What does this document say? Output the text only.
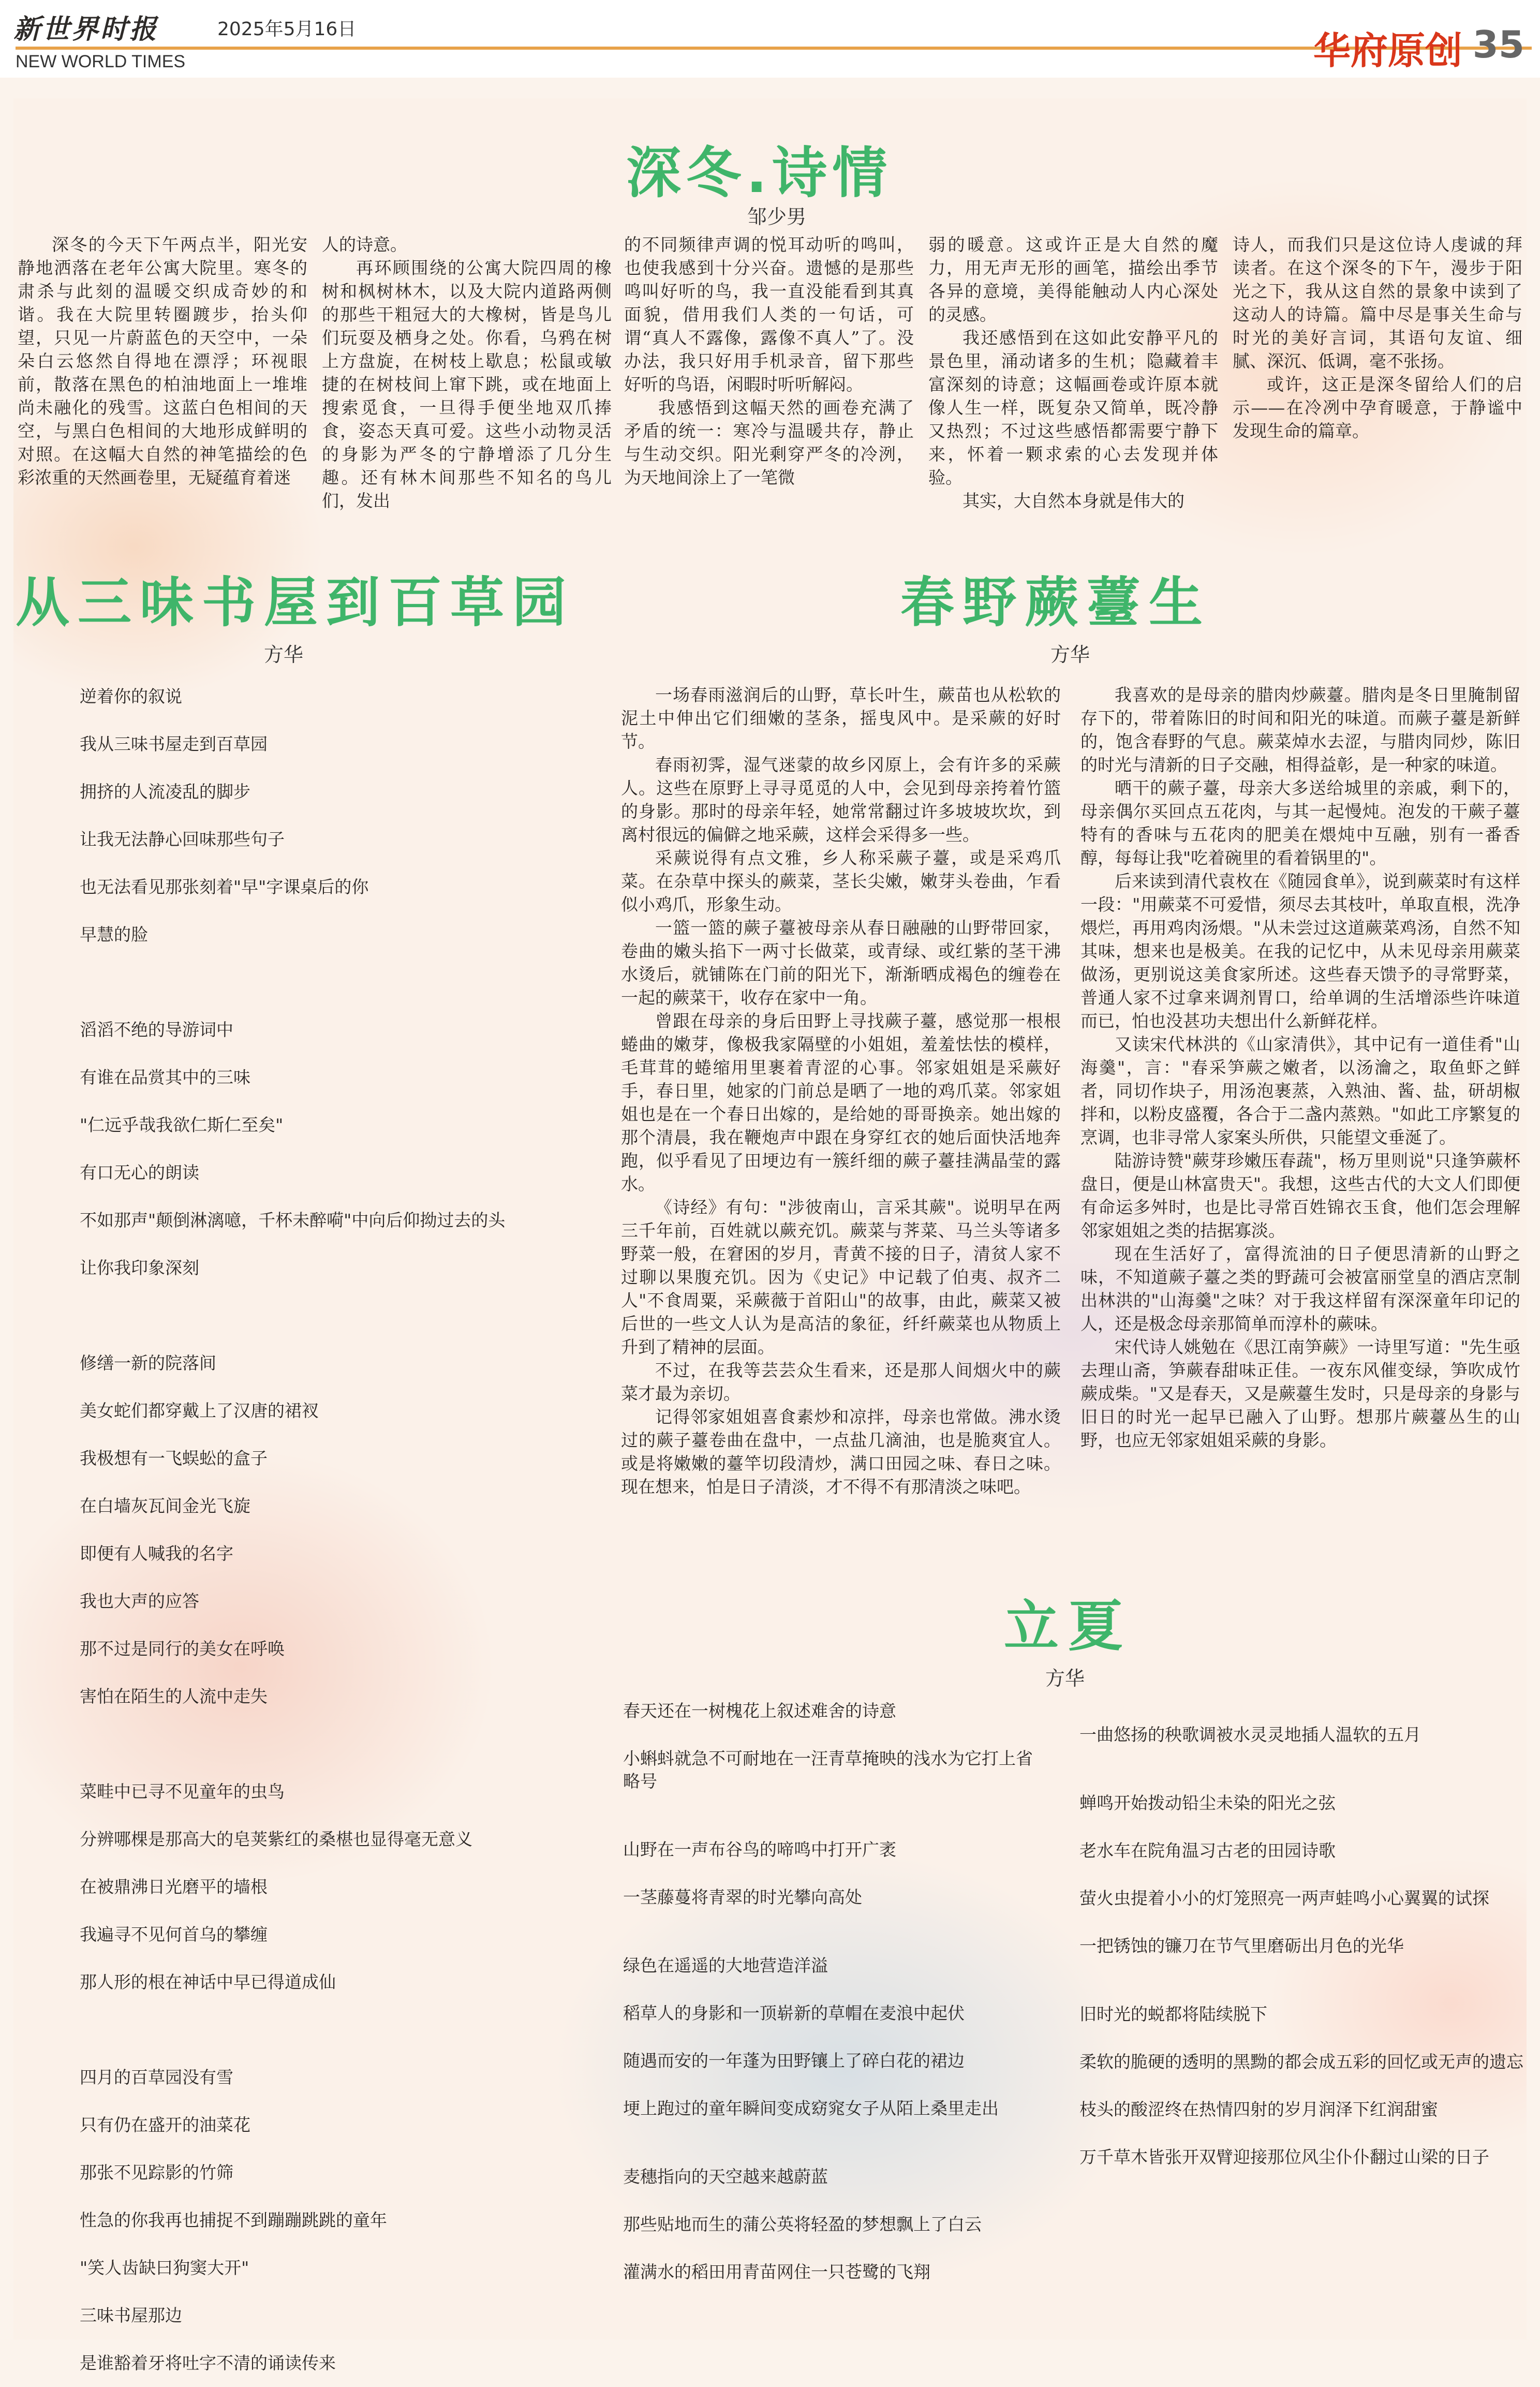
新世界时报	2025年5月16日
NEW WORLD TIMES	华府原创 35
深冬.诗情
邹少男

深冬的今天下午两点半，阳光安静地洒落在老年公寓大院里。寒冬的肃杀与此刻的温暖交织成奇妙的和谐。我在大院里转圈踱步，抬头仰望，只见一片蔚蓝色的天空中，一朵朵白云悠然自得地在漂浮；环视眼前，散落在黑色的柏油地面上一堆堆尚未融化的残雪。这蓝白色相间的天空，与黑白色相间的大地形成鲜明的对照。在这幅大自然的神笔描绘的色彩浓重的天然画卷里，无疑蕴育着迷

人的诗意。

再环顾围绕的公寓大院四周的橡树和枫树林木，以及大院内道路两侧的那些干粗冠大的大橡树，皆是鸟儿们玩耍及栖身之处。你看，乌鸦在树上方盘旋，在树枝上歇息；松鼠或敏捷的在树枝间上窜下跳，或在地面上搜索觅食，一旦得手便坐地双爪捧食，姿态天真可爱。这些小动物灵活的身影为严冬的宁静增添了几分生趣。还有林木间那些不知名的鸟儿们，发出

的不同频律声调的悦耳动听的鸣叫，也使我感到十分兴奋。遗憾的是那些鸣叫好听的鸟，我一直没能看到其真面貌，借用我们人类的一句话，可谓“真人不露像，露像不真人”了。没办法，我只好用手机录音，留下那些好听的鸟语，闲暇时听听解闷。

我感悟到这幅天然的画卷充满了矛盾的统一：寒冷与温暖共存，静止与生动交织。阳光剩穿严冬的冷洌，为天地间涂上了一笔微

弱的暖意。这或许正是大自然的魔力，用无声无形的画笔，描绘出季节各异的意境，美得能触动人内心深处的灵感。

我还感悟到在这如此安静平凡的景色里，涌动诸多的生机；隐藏着丰富深刻的诗意；这幅画卷或许原本就像人生一样，既复杂又简单，既冷静又热烈；不过这些感悟都需要宁静下来，怀着一颗求索的心去发现并体验。

其实，大自然本身就是伟大的

诗人，而我们只是这位诗人虔诚的拜读者。在这个深冬的下午，漫步于阳光之下，我从这自然的景象中读到了这动人的诗篇。篇中尽是事关生命与时光的美好言词，其语句友谊、细腻、深沉、低调，毫不张扬。

或许，这正是深冬留给人们的启示——在冷冽中孕育暖意，于静谧中发现生命的篇章。

从三味书屋到百草园
方华
逆着你的叙说
我从三味书屋走到百草园
拥挤的人流凌乱的脚步
让我无法静心回味那些句子
也无法看见那张刻着"早"字课桌后的你
早慧的脸
滔滔不绝的导游词中
有谁在品赏其中的三味
"仁远乎哉我欲仁斯仁至矣"
有口无心的朗读
不如那声"颠倒淋漓噫，千杯未醉嗬"中向后仰拗过去的头
让你我印象深刻
修缮一新的院落间
美女蛇们都穿戴上了汉唐的裙衩
我极想有一飞蜈蚣的盒子
在白墙灰瓦间金光飞旋
即便有人喊我的名字
我也大声的应答
那不过是同行的美女在呼唤
害怕在陌生的人流中走失
菜畦中已寻不见童年的虫鸟
分辨哪棵是那高大的皂荚紫红的桑椹也显得毫无意义
在被鼎沸日光磨平的墙根
我遍寻不见何首乌的攀缠
那人形的根在神话中早已得道成仙
四月的百草园没有雪
只有仍在盛开的油菜花
那张不见踪影的竹筛
性急的你我再也捕捉不到蹦蹦跳跳的童年
"笑人齿缺曰狗窦大开"
三味书屋那边
是谁豁着牙将吐字不清的诵读传来
春野蕨薹生
方华

一场春雨滋润后的山野，草长叶生，蕨苗也从松软的泥土中伸出它们细嫩的茎条，摇曳风中。是采蕨的好时节。

春雨初霁，湿气迷蒙的故乡冈原上，会有许多的采蕨人。这些在原野上寻寻觅觅的人中，会见到母亲挎着竹篮的身影。那时的母亲年轻，她常常翻过许多坡坡坎坎，到离村很远的偏僻之地采蕨，这样会采得多一些。

采蕨说得有点文雅，乡人称采蕨子薹，或是采鸡爪菜。在杂草中探头的蕨菜，茎长尖嫩，嫩芽头卷曲，乍看似小鸡爪，形象生动。

一篮一篮的蕨子薹被母亲从春日融融的山野带回家，卷曲的嫩头掐下一两寸长做菜，或青绿、或红紫的茎干沸水烫后，就铺陈在门前的阳光下，渐渐晒成褐色的缠卷在一起的蕨菜干，收存在家中一角。

曾跟在母亲的身后田野上寻找蕨子薹，感觉那一根根蜷曲的嫩芽，像极我家隔壁的小姐姐，羞羞怯怯的模样，毛茸茸的蜷缩用里裹着青涩的心事。邻家姐姐是采蕨好手，春日里，她家的门前总是晒了一地的鸡爪菜。邻家姐姐也是在一个春日出嫁的，是给她的哥哥换亲。她出嫁的那个清晨，我在鞭炮声中跟在身穿红衣的她后面快活地奔跑，似乎看见了田埂边有一簇纤细的蕨子薹挂满晶莹的露水。

《诗经》有句："涉彼南山，言采其蕨"。说明早在两三千年前，百姓就以蕨充饥。蕨菜与荠菜、马兰头等诸多野菜一般，在窘困的岁月，青黄不接的日子，清贫人家不过聊以果腹充饥。因为《史记》中记载了伯夷、叔齐二人"不食周粟，采蕨薇于首阳山"的故事，由此，蕨菜又被后世的一些文人认为是高洁的象征，纤纤蕨菜也从物质上升到了精神的层面。

不过，在我等芸芸众生看来，还是那人间烟火中的蕨菜才最为亲切。

记得邻家姐姐喜食素炒和凉拌，母亲也常做。沸水烫过的蕨子薹卷曲在盘中，一点盐几滴油，也是脆爽宜人。或是将嫩嫩的薹竿切段清炒，满口田园之味、春日之味。现在想来，怕是日子清淡，才不得不有那清淡之味吧。

我喜欢的是母亲的腊肉炒蕨薹。腊肉是冬日里腌制留存下的，带着陈旧的时间和阳光的味道。而蕨子薹是新鲜的，饱含春野的气息。蕨菜焯水去涩，与腊肉同炒，陈旧的时光与清新的日子交融，相得益彰，是一种家的味道。

晒干的蕨子薹，母亲大多送给城里的亲戚，剩下的，母亲偶尔买回点五花肉，与其一起慢炖。泡发的干蕨子薹特有的香味与五花肉的肥美在煨炖中互融，别有一番香醇，每每让我"吃着碗里的看着锅里的"。

后来读到清代袁枚在《随园食单》，说到蕨菜时有这样一段："用蕨菜不可爱惜，须尽去其枝叶，单取直根，洗净煨烂，再用鸡肉汤煨。"从未尝过这道蕨菜鸡汤，自然不知其味，想来也是极美。在我的记忆中，从未见母亲用蕨菜做汤，更别说这美食家所述。这些春天馈予的寻常野菜，普通人家不过拿来调剂胃口，给单调的生活增添些许味道而已，怕也没甚功夫想出什么新鲜花样。

又读宋代林洪的《山家清供》，其中记有一道佳肴"山海羹"，言："春采笋蕨之嫩者，以汤瀹之，取鱼虾之鲜者，同切作块子，用汤泡裹蒸，入熟油、酱、盐，研胡椒拌和，以粉皮盛覆，各合于二盏内蒸熟。"如此工序繁复的烹调，也非寻常人家案头所供，只能望文垂涎了。

陆游诗赞"蕨芽珍嫩压春蔬"，杨万里则说"只逢笋蕨杯盘日，便是山林富贵天"。我想，这些古代的大文人们即便有命运多舛时，也是比寻常百姓锦衣玉食，他们怎会理解邻家姐姐之类的拮据寡淡。

现在生活好了，富得流油的日子便思清新的山野之味，不知道蕨子薹之类的野蔬可会被富丽堂皇的酒店烹制出林洪的"山海羹"之味？对于我这样留有深深童年印记的人，还是极念母亲那简单而淳朴的蕨味。

宋代诗人姚勉在《思江南笋蕨》一诗里写道："先生亟去理山斋，笋蕨春甜味正佳。一夜东风催变绿，笋吹成竹蕨成柴。"又是春天，又是蕨薹生发时，只是母亲的身影与旧日的时光一起早已融入了山野。想那片蕨薹丛生的山野，也应无邻家姐姐采蕨的身影。

立夏
方华
春天还在一树槐花上叙述难舍的诗意
小蝌蚪就急不可耐地在一汪青草掩映的浅水为它打上省略号
山野在一声布谷鸟的啼鸣中打开广袤
一茎藤蔓将青翠的时光攀向高处
绿色在遥遥的大地营造洋溢
稻草人的身影和一顶崭新的草帽在麦浪中起伏
随遇而安的一年蓬为田野镶上了碎白花的裙边
埂上跑过的童年瞬间变成窈窕女子从陌上桑里走出
麦穗指向的天空越来越蔚蓝
那些贴地而生的蒲公英将轻盈的梦想飘上了白云
灌满水的稻田用青苗网住一只苍鹭的飞翔
一曲悠扬的秧歌调被水灵灵地插人温软的五月
蝉鸣开始拨动铅尘未染的阳光之弦
老水车在院角温习古老的田园诗歌
萤火虫提着小小的灯笼照亮一两声蛙鸣小心翼翼的试探
一把锈蚀的镰刀在节气里磨砺出月色的光华
旧时光的蜕都将陆续脱下
柔软的脆硬的透明的黑黝的都会成五彩的回忆或无声的遗忘
枝头的酸涩终在热情四射的岁月润泽下红润甜蜜
万千草木皆张开双臂迎接那位风尘仆仆翻过山梁的日子
